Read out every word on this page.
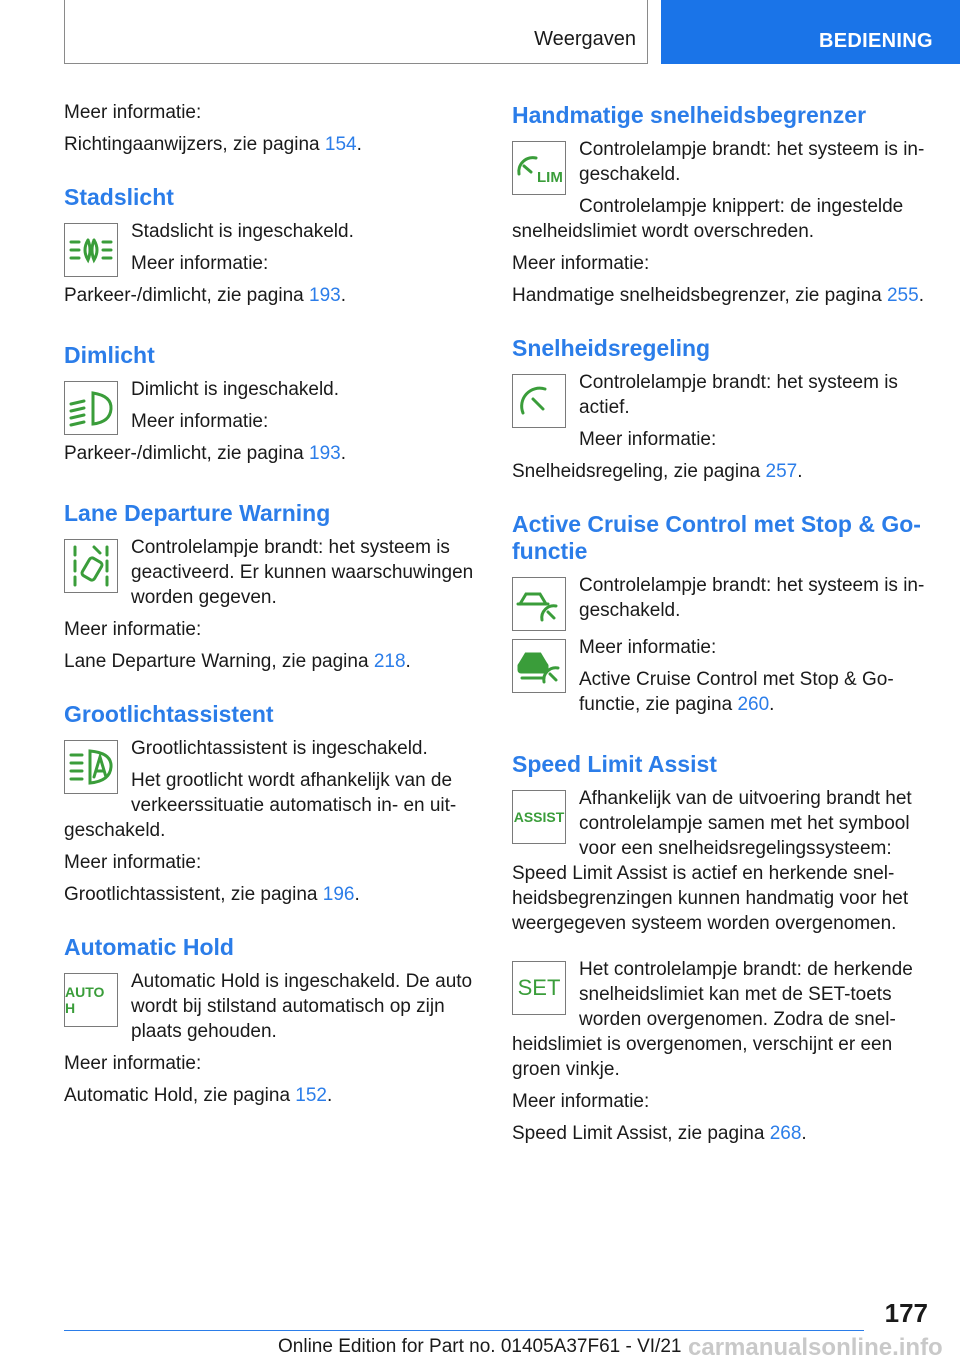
Weergaven	BEDIENING

Meer informatie:

Richtingaanwijzers, zie pagina 154.

Stadslicht

Stadslicht is ingeschakeld.

Meer informatie:

Parkeer-/dimlicht, zie pagina 193.

Dimlicht

Dimlicht is ingeschakeld.

Meer informatie:

Parkeer-/dimlicht, zie pagina 193.

Lane Departure Warning

Controlelampje brandt: het systeem is geactiveerd. Er kunnen waarschuwingen worden gegeven.

Meer informatie:

Lane Departure Warning, zie pagina 218.

Grootlichtassistent

Grootlichtassistent is ingeschakeld.

Het grootlicht wordt afhankelijk van de verkeerssituatie automatisch in- en uit-geschakeld.

Meer informatie:

Grootlichtassistent, zie pagina 196.

Automatic Hold
AUTO H

Automatic Hold is ingeschakeld. De auto wordt bij stilstand automatisch op zijn plaats gehouden.

Meer informatie:

Automatic Hold, zie pagina 152.

Handmatige snelheidsbegrenzer
LIM

Controlelampje brandt: het systeem is in-geschakeld.

Controlelampje knippert: de ingestelde snelheidslimiet wordt overschreden.

Meer informatie:

Handmatige snelheidsbegrenzer, zie pagina 255.

Snelheidsregeling

Controlelampje brandt: het systeem is actief.

Meer informatie:

Snelheidsregeling, zie pagina 257.

Active Cruise Control met Stop & Go-functie

Controlelampje brandt: het systeem is in-geschakeld.

Meer informatie:

Active Cruise Control met Stop & Go-functie, zie pagina 260.

Speed Limit Assist
ASSIST

Afhankelijk van de uitvoering brandt het controlelampje samen met het symbool voor een snelheidsregelingssysteem: Speed Limit Assist is actief en herkende snel-heidsbegrenzingen kunnen handmatig voor het weergegeven systeem worden overgenomen.

SET

Het controlelampje brandt: de herkende snelheidslimiet kan met de SET-toets worden overgenomen. Zodra de snel-heidslimiet is overgenomen, verschijnt er een groen vinkje.

Meer informatie:

Speed Limit Assist, zie pagina 268.

177
Online Edition for Part no. 01405A37F61 - VI/21 carmanualsonline.info
